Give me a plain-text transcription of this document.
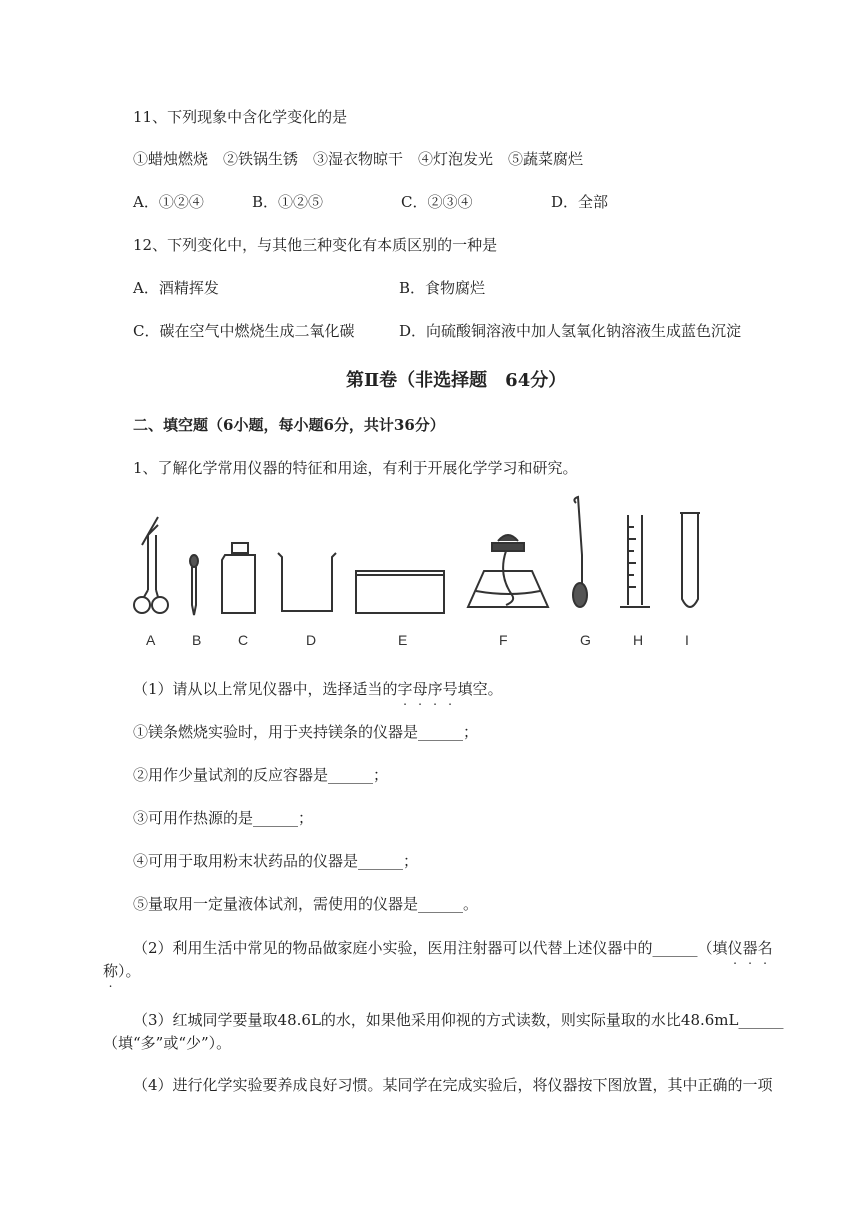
11、下列现象中含化学变化的是
①蜡烛燃烧　②铁锅生锈　③湿衣物晾干　④灯泡发光　⑤蔬菜腐烂
A．①②④	B．①②⑤	C．②③④	D．全部
12、下列变化中，与其他三种变化有本质区别的一种是
A．酒精挥发	B．食物腐烂
C．碳在空气中燃烧生成二氧化碳	D．向硫酸铜溶液中加人氢氧化钠溶液生成蓝色沉淀
第Ⅱ卷（非选择题　64分）
二、填空题（6小题，每小题6分，共计36分）
1、了解化学常用仪器的特征和用途，有利于开展化学学习和研究。
A	B	C	D	E	F	G	H	I
（1）请从以上常见仪器中，选择适当的字母序号填空。
①镁条燃烧实验时，用于夹持镁条的仪器是______；
②用作少量试剂的反应容器是______；
③可用作热源的是______；
④可用于取用粉末状药品的仪器是______；
⑤量取用一定量液体试剂，需使用的仪器是______。
（2）利用生活中常见的物品做家庭小实验，医用注射器可以代替上述仪器中的______（填仪器名
称）。
（3）红城同学要量取48.6L的水，如果他采用仰视的方式读数，则实际量取的水比48.6mL______
（填“多”或“少”）。
（4）进行化学实验要养成良好习惯。某同学在完成实验后，将仪器按下图放置，其中正确的一项
